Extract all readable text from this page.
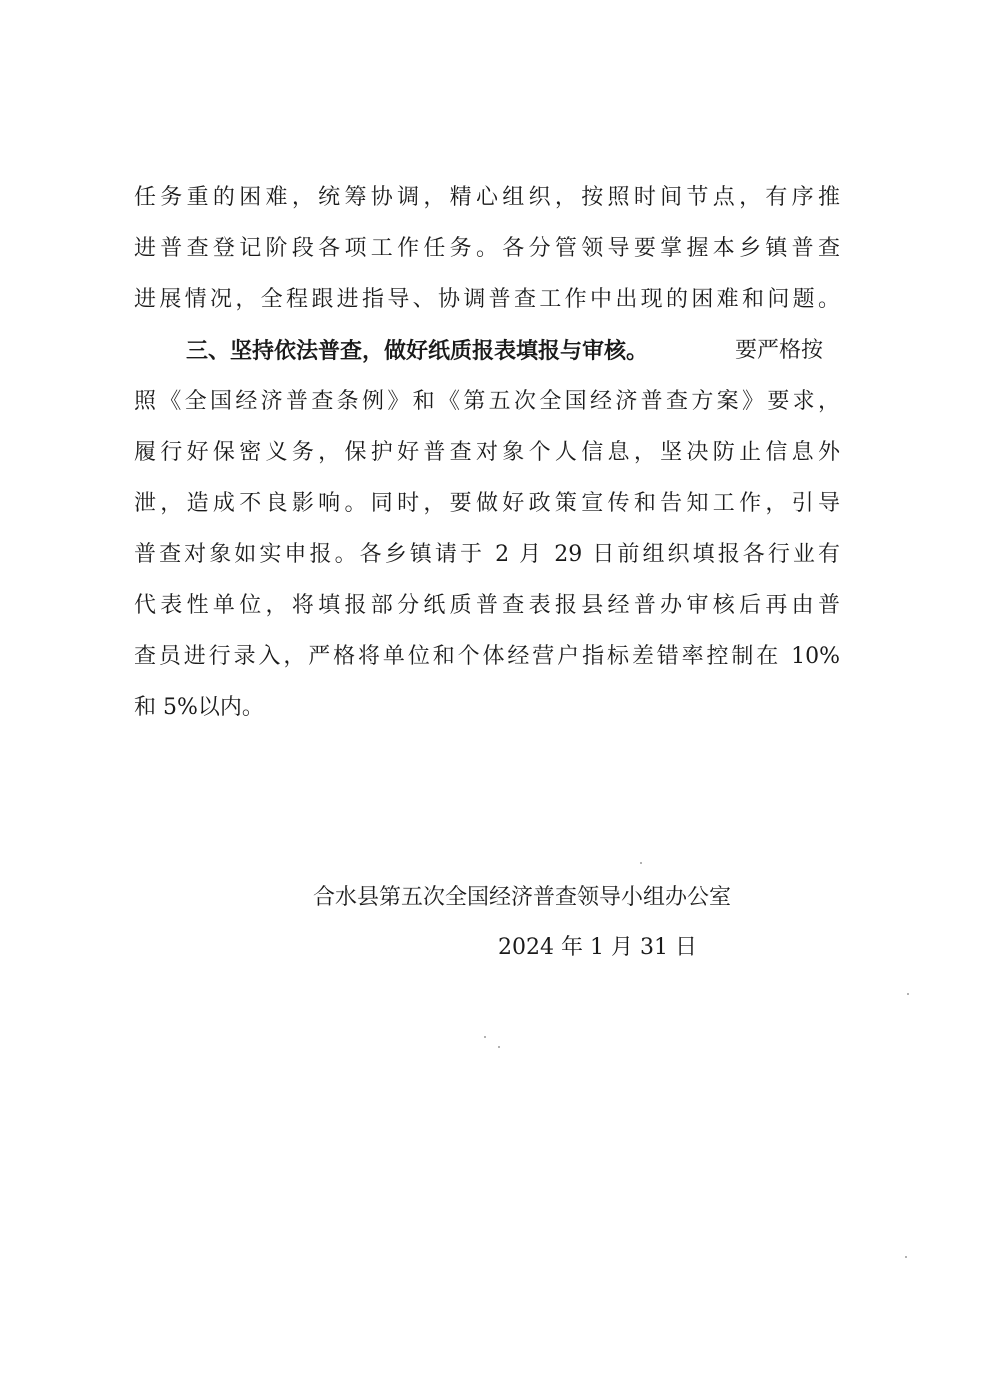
任务重的困难，统筹协调，精心组织，按照时间节点，有序推

进普查登记阶段各项工作任务。各分管领导要掌握本乡镇普查

进展情况，全程跟进指导、协调普查工作中出现的困难和问题。

三、坚持依法普查，做好纸质报表填报与审核。	要严格按

照《全国经济普查条例》和《第五次全国经济普查方案》要求，

履行好保密义务，保护好普查对象个人信息，坚决防止信息外

泄，造成不良影响。同时，要做好政策宣传和告知工作，引导

普查对象如实申报。各乡镇请于 2 月 29 日前组织填报各行业有

代表性单位，将填报部分纸质普查表报县经普办审核后再由普

查员进行录入，严格将单位和个体经营户指标差错率控制在 10%

和 5%以内。

合水县第五次全国经济普查领导小组办公室
2024 年 1 月 31 日
